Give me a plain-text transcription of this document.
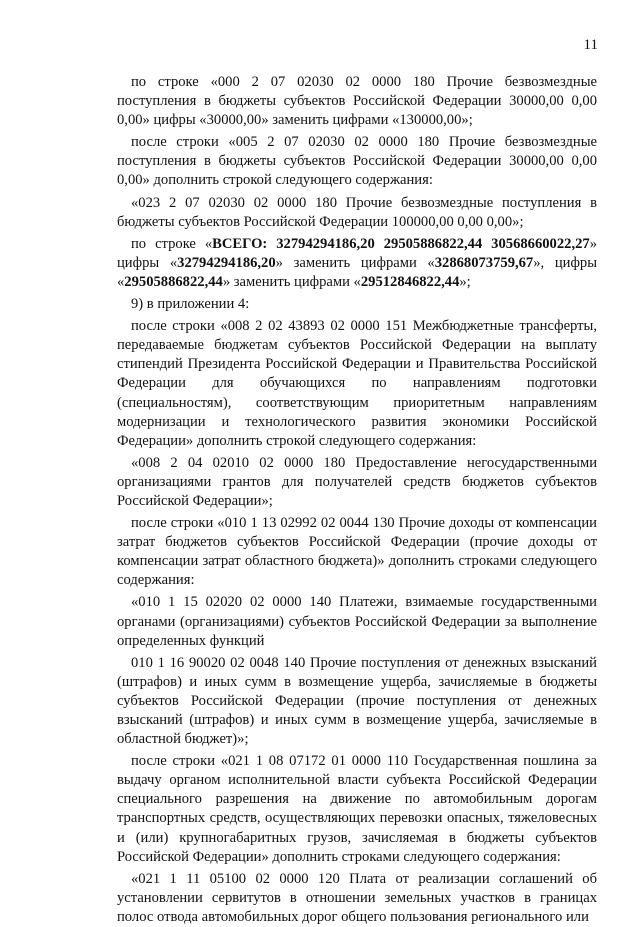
11

по строке «000 2 07 02030 02 0000 180 Прочие безвозмездные поступления в бюджеты субъектов Российской Федерации 30000,00 0,00 0,00» цифры «30000,00» заменить цифрами «130000,00»;

после строки «005 2 07 02030 02 0000 180 Прочие безвозмездные поступления в бюджеты субъектов Российской Федерации 30000,00 0,00 0,00» дополнить строкой следующего содержания:

«023 2 07 02030 02 0000 180 Прочие безвозмездные поступления в бюджеты субъектов Российской Федерации 100000,00 0,00 0,00»;

по строке «ВСЕГО: 32794294186,20 29505886822,44 30568660022,27» цифры «32794294186,20» заменить цифрами «32868073759,67», цифры «29505886822,44» заменить цифрами «29512846822,44»;

9) в приложении 4:

после строки «008 2 02 43893 02 0000 151 Межбюджетные трансферты, передаваемые бюджетам субъектов Российской Федерации на выплату стипендий Президента Российской Федерации и Правительства Российской Федерации для обучающихся по направлениям подготовки (специальностям), соответствующим приоритетным направлениям модернизации и технологического развития экономики Российской Федерации» дополнить строкой следующего содержания:

«008 2 04 02010 02 0000 180 Предоставление негосударственными организациями грантов для получателей средств бюджетов субъектов Российской Федерации»;

после строки «010 1 13 02992 02 0044 130 Прочие доходы от компенсации затрат бюджетов субъектов Российской Федерации (прочие доходы от компенсации затрат областного бюджета)» дополнить строками следующего содержания:

«010 1 15 02020 02 0000 140 Платежи, взимаемые государственными органами (организациями) субъектов Российской Федерации за выполнение определенных функций

010 1 16 90020 02 0048 140 Прочие поступления от денежных взысканий (штрафов) и иных сумм в возмещение ущерба, зачисляемые в бюджеты субъектов Российской Федерации (прочие поступления от денежных взысканий (штрафов) и иных сумм в возмещение ущерба, зачисляемые в областной бюджет)»;

после строки «021 1 08 07172 01 0000 110 Государственная пошлина за выдачу органом исполнительной власти субъекта Российской Федерации специального разрешения на движение по автомобильным дорогам транспортных средств, осуществляющих перевозки опасных, тяжеловесных и (или) крупногабаритных грузов, зачисляемая в бюджеты субъектов Российской Федерации» дополнить строками следующего содержания:

«021 1 11 05100 02 0000 120 Плата от реализации соглашений об установлении сервитутов в отношении земельных участков в границах полос отвода автомобильных дорог общего пользования регионального или
